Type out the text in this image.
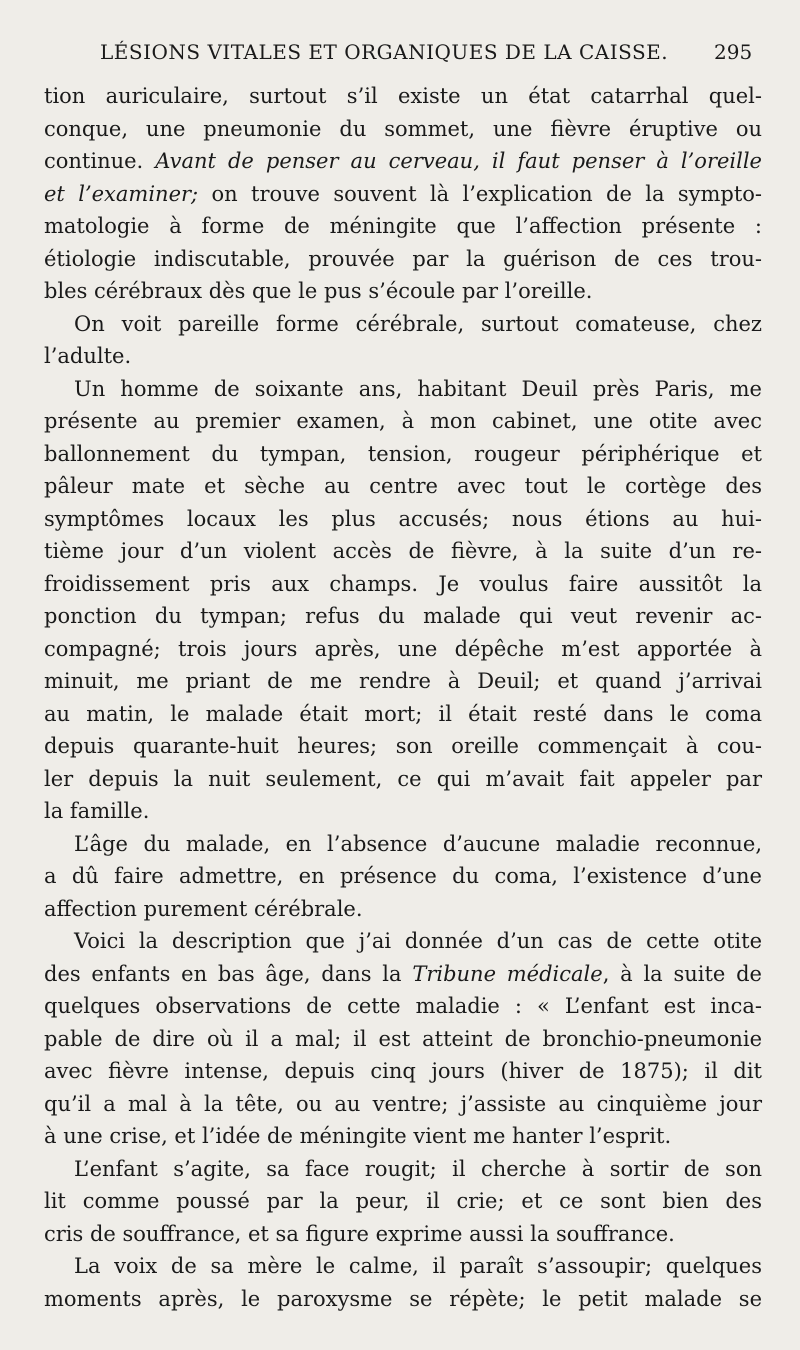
LÉSIONS VITALES ET ORGANIQUES DE LA CAISSE. 295
tion auriculaire, surtout s’il existe un état catarrhal quel-
conque, une pneumonie du sommet, une fièvre éruptive ou
continue. Avant de penser au cerveau, il faut penser à l’oreille
et l’examiner; on trouve souvent là l’explication de la sympto-
matologie à forme de méningite que l’affection présente :
étiologie indiscutable, prouvée par la guérison de ces trou-
bles cérébraux dès que le pus s’écoule par l’oreille.
On voit pareille forme cérébrale, surtout comateuse, chez
l’adulte.
Un homme de soixante ans, habitant Deuil près Paris, me
présente au premier examen, à mon cabinet, une otite avec
ballonnement du tympan, tension, rougeur périphérique et
pâleur mate et sèche au centre avec tout le cortège des
symptômes locaux les plus accusés; nous étions au hui-
tième jour d’un violent accès de fièvre, à la suite d’un re-
froidissement pris aux champs. Je voulus faire aussitôt la
ponction du tympan; refus du malade qui veut revenir ac-
compagné; trois jours après, une dépêche m’est apportée à
minuit, me priant de me rendre à Deuil; et quand j’arrivai
au matin, le malade était mort; il était resté dans le coma
depuis quarante-huit heures; son oreille commençait à cou-
ler depuis la nuit seulement, ce qui m’avait fait appeler par
la famille.
L’âge du malade, en l’absence d’aucune maladie reconnue,
a dû faire admettre, en présence du coma, l’existence d’une
affection purement cérébrale.
Voici la description que j’ai donnée d’un cas de cette otite
des enfants en bas âge, dans la Tribune médicale, à la suite de
quelques observations de cette maladie : « L’enfant est inca-
pable de dire où il a mal; il est atteint de bronchio-pneumonie
avec fièvre intense, depuis cinq jours (hiver de 1875); il dit
qu’il a mal à la tête, ou au ventre; j’assiste au cinquième jour
à une crise, et l’idée de méningite vient me hanter l’esprit.
L’enfant s’agite, sa face rougit; il cherche à sortir de son
lit comme poussé par la peur, il crie; et ce sont bien des
cris de souffrance, et sa figure exprime aussi la souffrance.
La voix de sa mère le calme, il paraît s’assoupir; quelques
moments après, le paroxysme se répète; le petit malade se
